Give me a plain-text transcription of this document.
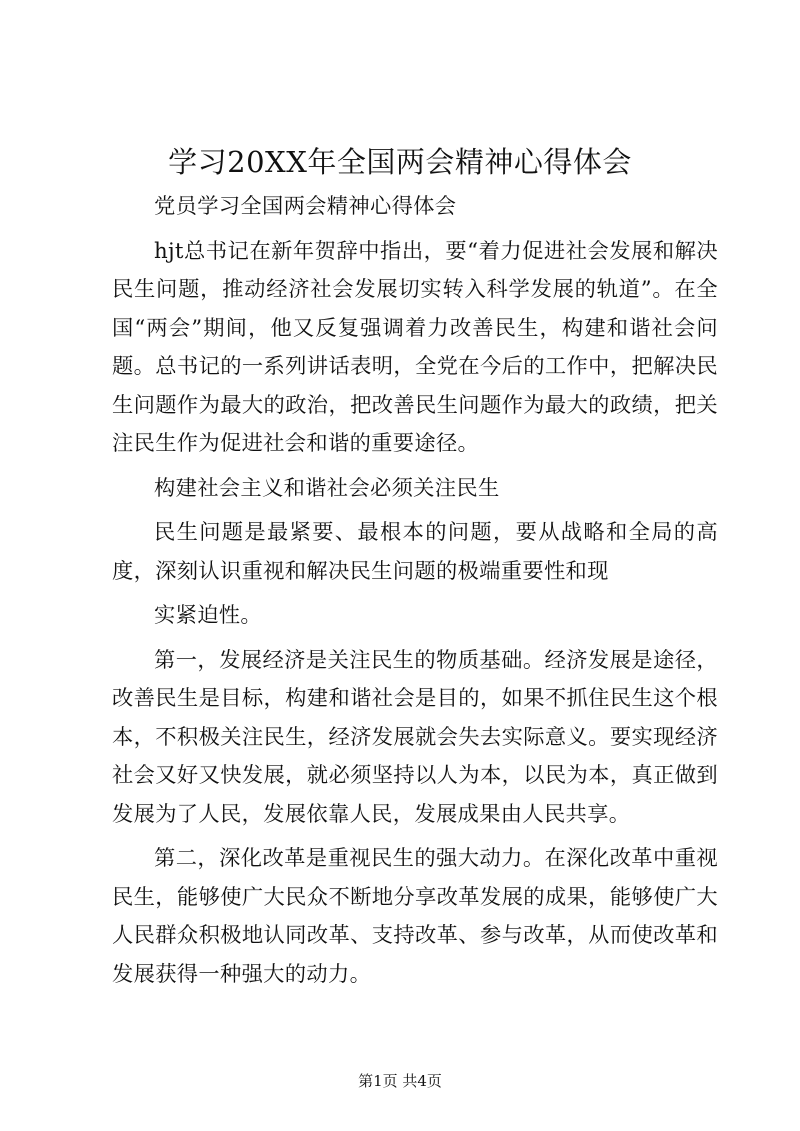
学习20XX年全国两会精神心得体会

党员学习全国两会精神心得体会

hjt总书记在新年贺辞中指出，要“着力促进社会发展和解决民生问题，推动经济社会发展切实转入科学发展的轨道”。在全国“两会”期间，他又反复强调着力改善民生，构建和谐社会问题。总书记的一系列讲话表明，全党在今后的工作中，把解决民生问题作为最大的政治，把改善民生问题作为最大的政绩，把关注民生作为促进社会和谐的重要途径。

构建社会主义和谐社会必须关注民生

民生问题是最紧要、最根本的问题，要从战略和全局的高度，深刻认识重视和解决民生问题的极端重要性和现

实紧迫性。

第一，发展经济是关注民生的物质基础。经济发展是途径，改善民生是目标，构建和谐社会是目的，如果不抓住民生这个根本，不积极关注民生，经济发展就会失去实际意义。要实现经济社会又好又快发展，就必须坚持以人为本，以民为本，真正做到发展为了人民，发展依靠人民，发展成果由人民共享。

第二，深化改革是重视民生的强大动力。在深化改革中重视民生，能够使广大民众不断地分享改革发展的成果，能够使广大人民群众积极地认同改革、支持改革、参与改革，从而使改革和发展获得一种强大的动力。

第1页 共4页
